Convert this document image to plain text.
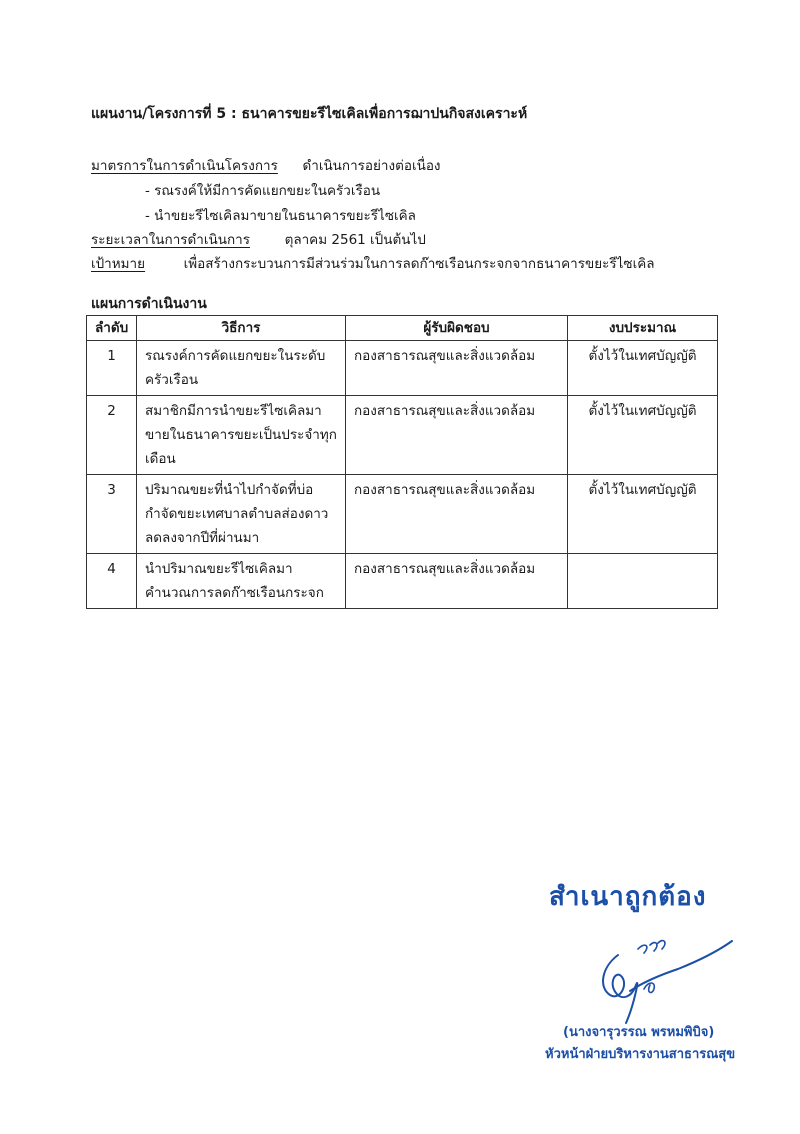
แผนงาน/โครงการที่ 5 : ธนาคารขยะรีไซเคิลเพื่อการฌาปนกิจสงเคราะห์
มาตรการในการดำเนินโครงการ ดำเนินการอย่างต่อเนื่อง
- รณรงค์ให้มีการคัดแยกขยะในครัวเรือน
- นำขยะรีไซเคิลมาขายในธนาคารขยะรีไซเคิล
ระยะเวลาในการดำเนินการ	ตุลาคม 2561 เป็นต้นไป
เป้าหมาย	เพื่อสร้างกระบวนการมีส่วนร่วมในการลดก๊าซเรือนกระจกจากธนาคารขยะรีไซเคิล
แผนการดำเนินงาน
ลำดับ	วิธีการ	ผู้รับผิดชอบ	งบประมาณ
1	รณรงค์การคัดแยกขยะในระดับครัวเรือน	กองสาธารณสุขและสิ่งแวดล้อม	ตั้งไว้ในเทศบัญญัติ
2	สมาชิกมีการนำขยะรีไซเคิลมาขายในธนาคารขยะเป็นประจำทุกเดือน	กองสาธารณสุขและสิ่งแวดล้อม	ตั้งไว้ในเทศบัญญัติ
3	ปริมาณขยะที่นำไปกำจัดที่บ่อกำจัดขยะเทศบาลตำบลส่องดาวลดลงจากปีที่ผ่านมา	กองสาธารณสุขและสิ่งแวดล้อม	ตั้งไว้ในเทศบัญญัติ
4	นำปริมาณขยะรีไซเคิลมาคำนวณการลดก๊าซเรือนกระจก	กองสาธารณสุขและสิ่งแวดล้อม	
สำเนาถูกต้อง
(นางจารุวรรณ พรหมพิบิจ)
หัวหน้าฝ่ายบริหารงานสาธารณสุข
